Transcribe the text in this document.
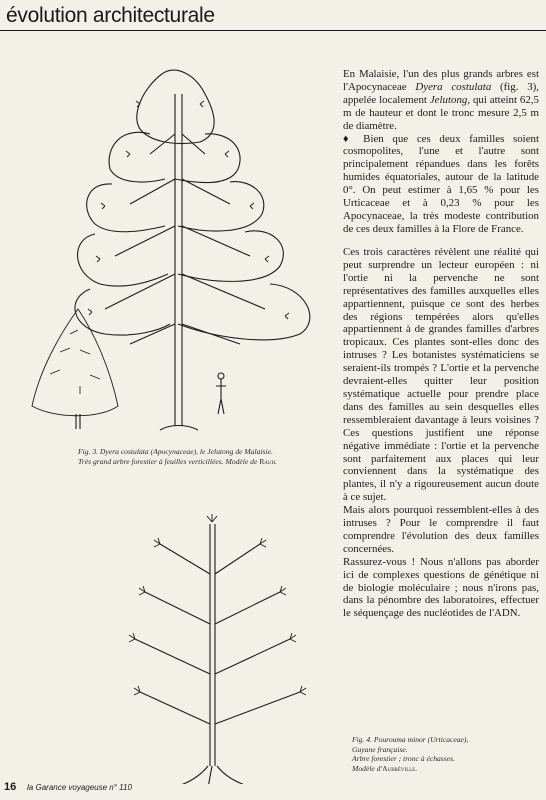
évolution architecturale
Fig. 3. Dyera costulata (Apocynaceae), le Jelutong de Malaisie.
Très grand arbre forestier à feuilles verticillées. Modèle de Rauh.
Fig. 4. Pourouma minor (Urticaceae),
Guyane française.
Arbre forestier ; tronc à échasses.
Modèle d'Aubréville.

En Malaisie, l'un des plus grands arbres est l'Apocynaceae Dyera costulata (fig. 3), appelée localement Jelutong, qui atteint 62,5 m de hauteur et dont le tronc mesure 2,5 m de diamètre.

♦ Bien que ces deux familles soient cosmopolites, l'une et l'autre sont principalement répandues dans les forêts humides équatoriales, autour de la latitude 0°. On peut estimer à 1,65 % pour les Urticaceae et à 0,23 % pour les Apocynaceae, la très modeste contribution de ces deux familles à la Flore de France.

Ces trois caractères révèlent une réalité qui peut surprendre un lecteur européen : ni l'ortie ni la pervenche ne sont représentatives des familles auxquelles elles appartiennent, puisque ce sont des herbes des régions tempérées alors qu'elles appartiennent à de grandes familles d'arbres tropicaux. Ces plantes sont-elles donc des intruses ? Les botanistes systématiciens se seraient-ils trompés ? L'ortie et la pervenche devraient-elles quitter leur position systématique actuelle pour prendre place dans des familles au sein desquelles elles ressembleraient davantage à leurs voisines ? Ces questions justifient une réponse négative immédiate : l'ortie et la pervenche sont parfaitement aux places qui leur conviennent dans la systématique des plantes, il n'y a rigoureusement aucun doute à ce sujet.

Mais alors pourquoi ressemblent-elles à des intruses ? Pour le comprendre il faut comprendre l'évolution des deux familles concernées.

Rassurez-vous ! Nous n'allons pas aborder ici de complexes questions de génétique ni de biologie moléculaire ; nous n'irons pas, dans la pénombre des laboratoires, effectuer le séquençage des nucléotides de l'ADN.

16 la Garance voyageuse n° 110
